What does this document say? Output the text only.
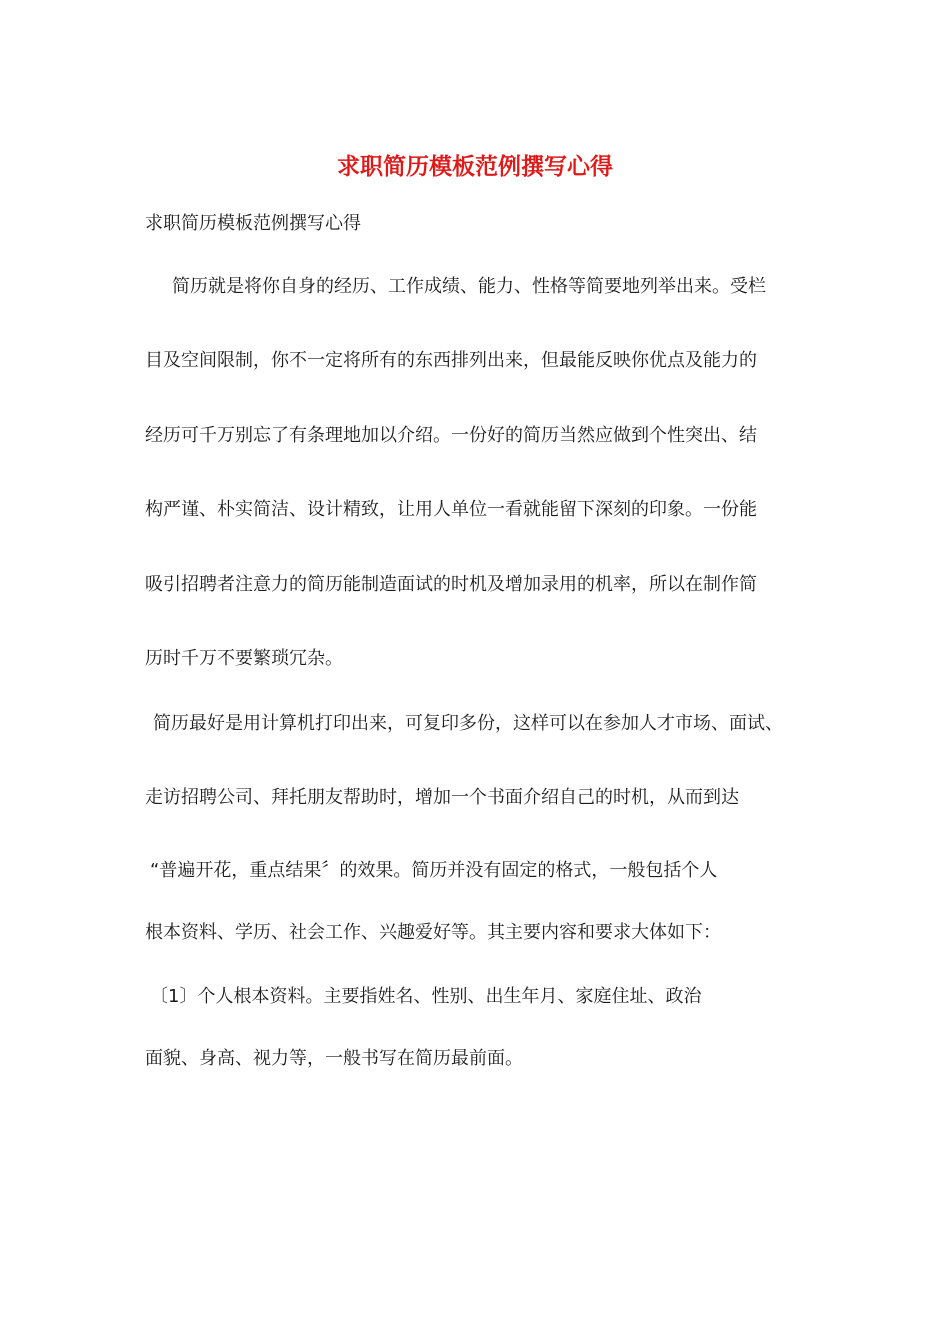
求职简历模板范例撰写心得
求职简历模板范例撰写心得
简历就是将你自身的经历、工作成绩、能力、性格等简要地列举出来。受栏
目及空间限制，你不一定将所有的东西排列出来，但最能反映你优点及能力的
经历可千万别忘了有条理地加以介绍。一份好的简历当然应做到个性突出、结
构严谨、朴实简洁、设计精致，让用人单位一看就能留下深刻的印象。一份能
吸引招聘者注意力的简历能制造面试的时机及增加录用的机率，所以在制作简
历时千万不要繁琐冗杂。
简历最好是用计算机打印出来，可复印多份，这样可以在参加人才市场、面试、
走访招聘公司、拜托朋友帮助时，增加一个书面介绍自己的时机，从而到达
“普遍开花，重点结果〞的效果。简历并没有固定的格式，一般包括个人
根本资料、学历、社会工作、兴趣爱好等。其主要内容和要求大体如下：
〔1〕个人根本资料。主要指姓名、性别、出生年月、家庭住址、政治
面貌、身高、视力等，一般书写在简历最前面。
